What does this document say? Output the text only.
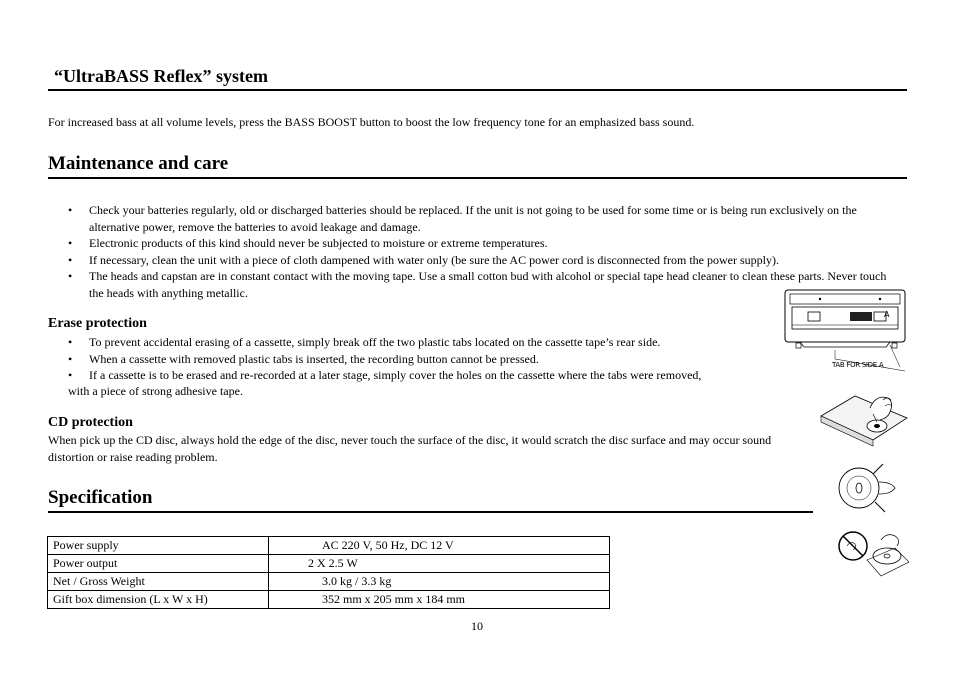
“UltraBASS Reflex” system
For increased bass at all volume levels, press the BASS BOOST button to boost the low frequency tone for an emphasized bass sound.
Maintenance and care
• Check your batteries regularly, old or discharged batteries should be replaced. If the unit is not going to be used for some time or is being run exclusively on the alternative power, remove the batteries to avoid leakage and damage.
• Electronic products of this kind should never be subjected to moisture or extreme temperatures.
• If necessary, clean the unit with a piece of cloth dampened with water only (be sure the AC power cord is disconnected from the power supply).
• The heads and capstan are in constant contact with the moving tape. Use a small cotton bud with alcohol or special tape head cleaner to clean these parts. Never touch the heads with anything metallic.
Erase protection
• To prevent accidental erasing of a cassette, simply break off the two plastic tabs located on the cassette tape’s rear side.
• When a cassette with removed plastic tabs is inserted, the recording button cannot be pressed.
• If a cassette is to be erased and re-recorded at a later stage, simply cover the holes on the cassette where the tabs were removed,
with a piece of strong adhesive tape.
A
TAB FOR SIDE A
CD protection
When pick up the CD disc, always hold the edge of the disc, never touch the surface of the disc, it would scratch the disc surface and may occur sound distortion or raise reading problem.
Specification
Power supply	AC 220 V, 50 Hz, DC 12 V
Power output	2 X 2.5 W
Net / Gross Weight	3.0 kg / 3.3 kg
Gift box dimension (L x W x H)	352 mm x 205 mm x 184 mm
10
